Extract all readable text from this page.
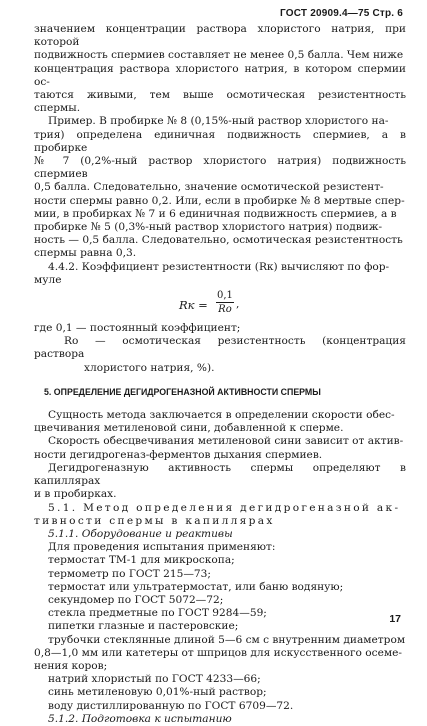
ГОСТ 20909.4—75 Стр. 6

значением концентрации раствора хлористого натрия, при которой

подвижность спермиев составляет не менее 0,5 балла. Чем ниже

концентрация раствора хлористого натрия, в котором спермии ос-

таются живыми, тем выше осмотическая резистентность спермы.

Пример. В пробирке № 8 (0,15%-ный раствор хлористого на-

трия) определена единичная подвижность спермиев, а в пробирке

№ 7 (0,2%-ный раствор хлористого натрия) подвижность спермиев

0,5 балла. Следовательно, значение осмотической резистент-

ности спермы равно 0,2. Или, если в пробирке № 8 мертвые спер-

мии, в пробирках № 7 и 6 единичная подвижность спермиев, а в

пробирке № 5 (0,3%-ный раствор хлористого натрия) подвиж-

ность — 0,5 балла. Следовательно, осмотическая резистентность

спермы равна 0,3.

4.4.2. Коэффициент резистентности (Rк) вычисляют по фор-

муле

Rк =
0,1
Rо ,

где 0,1 — постоянный коэффициент;

Rо — осмотическая резистентность (концентрация раствора

хлористого натрия, %).

5. ОПРЕДЕЛЕНИЕ ДЕГИДРОГЕНАЗНОЙ АКТИВНОСТИ СПЕРМЫ

Сущность метода заключается в определении скорости обес-

цвечивания метиленовой сини, добавленной к сперме.

Скорость обесцвечивания метиленовой сини зависит от актив-

ности дегидрогеназ-ферментов дыхания спермиев.

Дегидрогеназную активность спермы определяют в капиллярах

и в пробирках.

5.1. Метод определения дегидрогеназной ак-

тивности спермы в капиллярах

5.1.1. Оборудование и реактивы

Для проведения испытания применяют:

термостат ТМ-1 для микроскопа;

термометр по ГОСТ 215—73;

термостат или ультратермостат, или баню водяную;

секундомер по ГОСТ 5072—72;

стекла предметные по ГОСТ 9284—59;

пипетки глазные и пастеровские;

трубочки стеклянные длиной 5—6 см с внутренним диаметром

0,8—1,0 мм или катетеры от шприцов для искусственного осеме-

нения коров;

натрий хлористый по ГОСТ 4233—66;

синь метиленовую 0,01%-ный раствор;

воду дистиллированную по ГОСТ 6709—72.

5.1.2. Подготовка к испытанию

17
